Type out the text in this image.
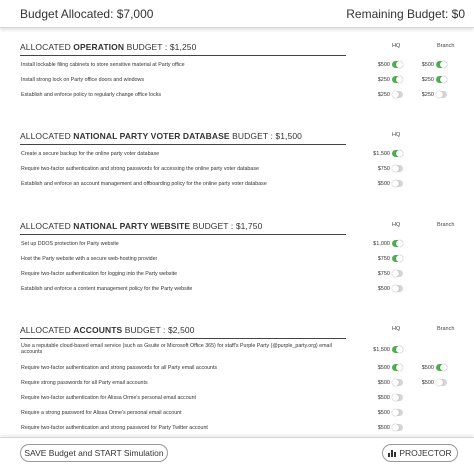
Budget Allocated: $7,000	Remaining Budget: $0
ALLOCATED OPERATION BUDGET : $1,250	HQ	Branch
Install lockable filing cabinets to store sensitive material at Party office	$500	$500
Install strong lock on Party office doors and windows	$250	$250
Establish and enforce policy to regularly change office locks	$250	$250
ALLOCATED NATIONAL PARTY VOTER DATABASE BUDGET : $1,500	HQ
Create a secure backup for the online party voter database	$1,500
Require two-factor authentication and strong passwords for accessing the online party voter database	$750
Establish and enforce an account management and offboarding policy for the online party voter database	$500
ALLOCATED NATIONAL PARTY WEBSITE BUDGET : $1,750	HQ	Branch
Set up DDOS protection for Party website	$1,000
Host the Party website with a secure web-hosting provider	$750
Require two-factor authentication for logging into the Party website	$750
Establish and enforce a content management policy for the Party website	$500
ALLOCATED ACCOUNTS BUDGET : $2,500	HQ	Branch
Use a reputable cloud-based email service (such as Gsuite or Microsoft Office 365) for staff's Purple Party (@purple_party.org) email accounts	$1,500
Require two-factor authentication and strong passwords for all Party email accounts	$500	$500
Require strong passwords for all Party email accounts	$500	$500
Require two-factor authentication for Alissa Orme's personal email account	$500
Require a strong password for Alissa Orme's personal email account	$500
Require two-factor authentication and strong password for Party Twitter account	$500
SAVE Budget and START Simulation	PROJECTOR
